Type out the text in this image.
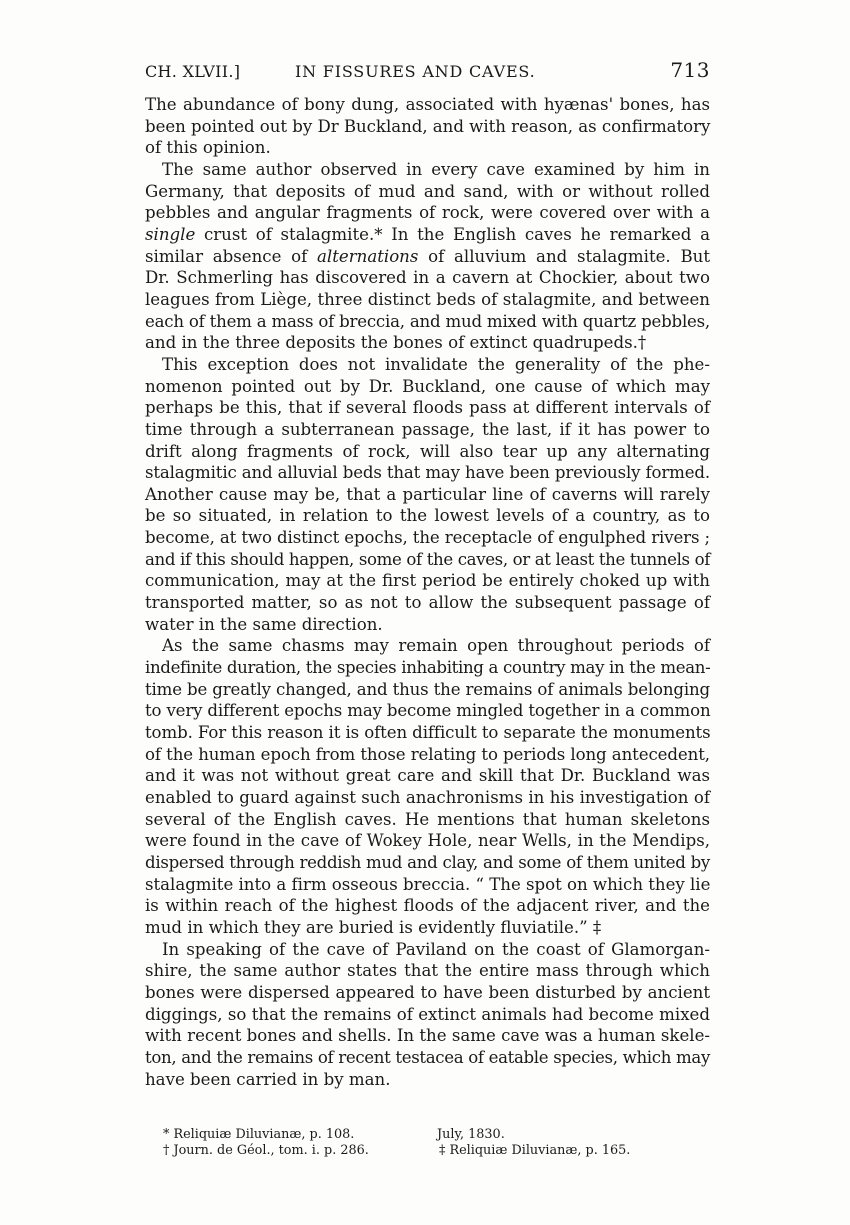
CH. XLVII.]	IN FISSURES AND CAVES.	713
The abundance of bony dung, associated with hyænas' bones, has
been pointed out by Dr Buckland, and with reason, as confirmatory
of this opinion.
The same author observed in every cave examined by him in
Germany, that deposits of mud and sand, with or without rolled
pebbles and angular fragments of rock, were covered over with a
single crust of stalagmite.* In the English caves he remarked a
similar absence of alternations of alluvium and stalagmite. But
Dr. Schmerling has discovered in a cavern at Chockier, about two
leagues from Liège, three distinct beds of stalagmite, and between
each of them a mass of breccia, and mud mixed with quartz pebbles,
and in the three deposits the bones of extinct quadrupeds.†
This exception does not invalidate the generality of the phe-
nomenon pointed out by Dr. Buckland, one cause of which may
perhaps be this, that if several floods pass at different intervals of
time through a subterranean passage, the last, if it has power to
drift along fragments of rock, will also tear up any alternating
stalagmitic and alluvial beds that may have been previously formed.
Another cause may be, that a particular line of caverns will rarely
be so situated, in relation to the lowest levels of a country, as to
become, at two distinct epochs, the receptacle of engulphed rivers ;
and if this should happen, some of the caves, or at least the tunnels of
communication, may at the first period be entirely choked up with
transported matter, so as not to allow the subsequent passage of
water in the same direction.
As the same chasms may remain open throughout periods of
indefinite duration, the species inhabiting a country may in the mean-
time be greatly changed, and thus the remains of animals belonging
to very different epochs may become mingled together in a common
tomb. For this reason it is often difficult to separate the monuments
of the human epoch from those relating to periods long antecedent,
and it was not without great care and skill that Dr. Buckland was
enabled to guard against such anachronisms in his investigation of
several of the English caves. He mentions that human skeletons
were found in the cave of Wokey Hole, near Wells, in the Mendips,
dispersed through reddish mud and clay, and some of them united by
stalagmite into a firm osseous breccia. “ The spot on which they lie
is within reach of the highest floods of the adjacent river, and the
mud in which they are buried is evidently fluviatile.” ‡
In speaking of the cave of Paviland on the coast of Glamorgan-
shire, the same author states that the entire mass through which
bones were dispersed appeared to have been disturbed by ancient
diggings, so that the remains of extinct animals had become mixed
with recent bones and shells. In the same cave was a human skele-
ton, and the remains of recent testacea of eatable species, which may
have been carried in by man.
* Reliquiæ Diluvianæ, p. 108.	July, 1830.
† Journ. de Géol., tom. i. p. 286.	‡ Reliquiæ Diluvianæ, p. 165.
